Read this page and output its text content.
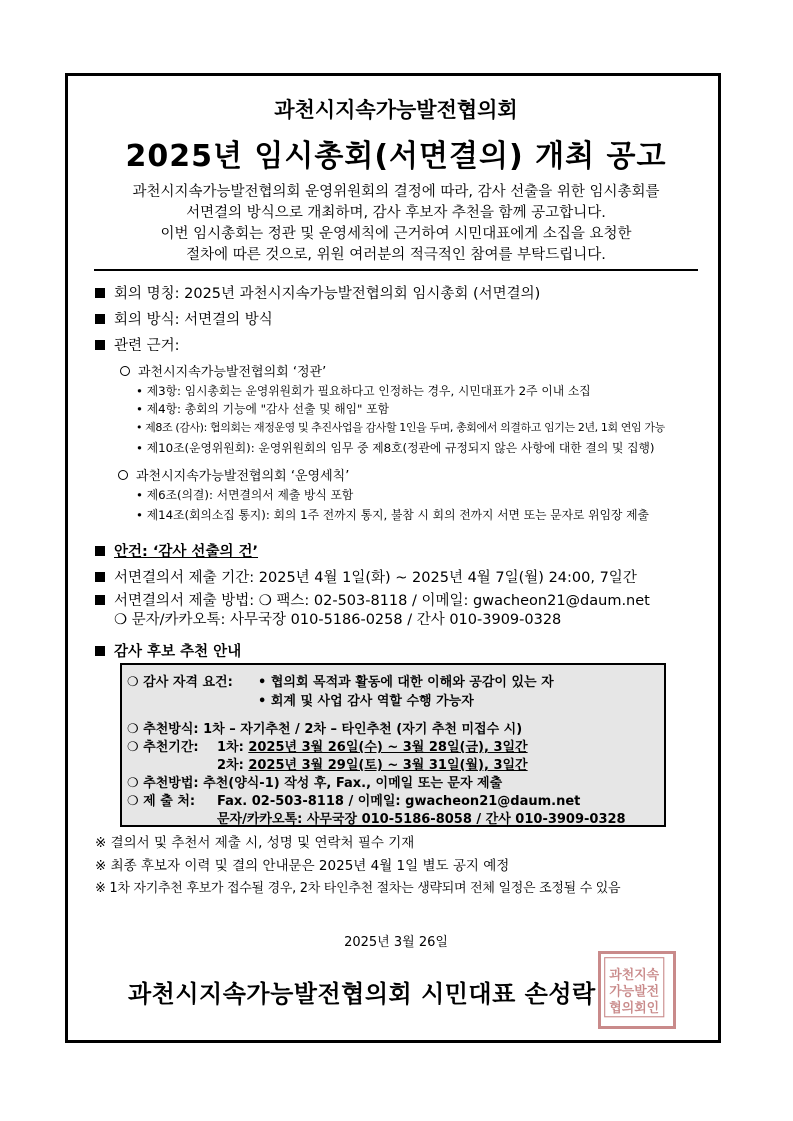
과천시지속가능발전협의회
2025년 임시총회(서면결의) 개최 공고
과천시지속가능발전협의회 운영위원회의 결정에 따라, 감사 선출을 위한 임시총회를
서면결의 방식으로 개최하며, 감사 후보자 추천을 함께 공고합니다.
이번 임시총회는 정관 및 운영세칙에 근거하여 시민대표에게 소집을 요청한
절차에 따른 것으로, 위원 여러분의 적극적인 참여를 부탁드립니다.
회의 명칭: 2025년 과천시지속가능발전협의회 임시총회 (서면결의)
회의 방식: 서면결의 방식
관련 근거:
과천시지속가능발전협의회 ‘정관’
• 제3항: 임시총회는 운영위원회가 필요하다고 인정하는 경우, 시민대표가 2주 이내 소집
• 제4항: 총회의 기능에 "감사 선출 및 해임" 포함
• 제8조 (감사): 협의회는 재정운영 및 추진사업을 감사할 1인을 두며, 총회에서 의결하고 임기는 2년, 1회 연임 가능
• 제10조(운영위원회): 운영위원회의 임무 중 제8호(정관에 규정되지 않은 사항에 대한 결의 및 집행)
과천시지속가능발전협의회 ‘운영세칙’
• 제6조(의결): 서면결의서 제출 방식 포함
• 제14조(회의소집 통지): 회의 1주 전까지 통지, 불참 시 회의 전까지 서면 또는 문자로 위임장 제출
안건: ‘감사 선출의 건’
서면결의서 제출 기간: 2025년 4월 1일(화) ~ 2025년 4월 7일(월) 24:00, 7일간
서면결의서 제출 방법: ❍ 팩스: 02-503-8118 / 이메일: gwacheon21@daum.net
❍ 문자/카카오톡: 사무국장 010-5186-0258 / 간사 010-3909-0328
감사 후보 추천 안내
❍ 감사 자격 요건: • 협의회 목적과 활동에 대한 이해와 공감이 있는 자
• 회계 및 사업 감사 역할 수행 가능자
❍ 추천방식: 1차 – 자기추천 / 2차 – 타인추천 (자기 추천 미접수 시)
❍ 추천기간: 1차: 2025년 3월 26일(수) ~ 3월 28일(금), 3일간
2차: 2025년 3월 29일(토) ~ 3월 31일(월), 3일간
❍ 추천방법: 추천(양식-1) 작성 후, Fax., 이메일 또는 문자 제출
❍ 제 출 처: Fax. 02-503-8118 / 이메일: gwacheon21@daum.net
문자/카카오톡: 사무국장 010-5186-8058 / 간사 010-3909-0328
※ 결의서 및 추천서 제출 시, 성명 및 연락처 필수 기재
※ 최종 후보자 이력 및 결의 안내문은 2025년 4월 1일 별도 공지 예정
※ 1차 자기추천 후보가 접수될 경우, 2차 타인추천 절차는 생략되며 전체 일정은 조정될 수 있음
2025년 3월 26일
과천시지속가능발전협의회 시민대표 손성락
과천지속
가능발전
협의회인
